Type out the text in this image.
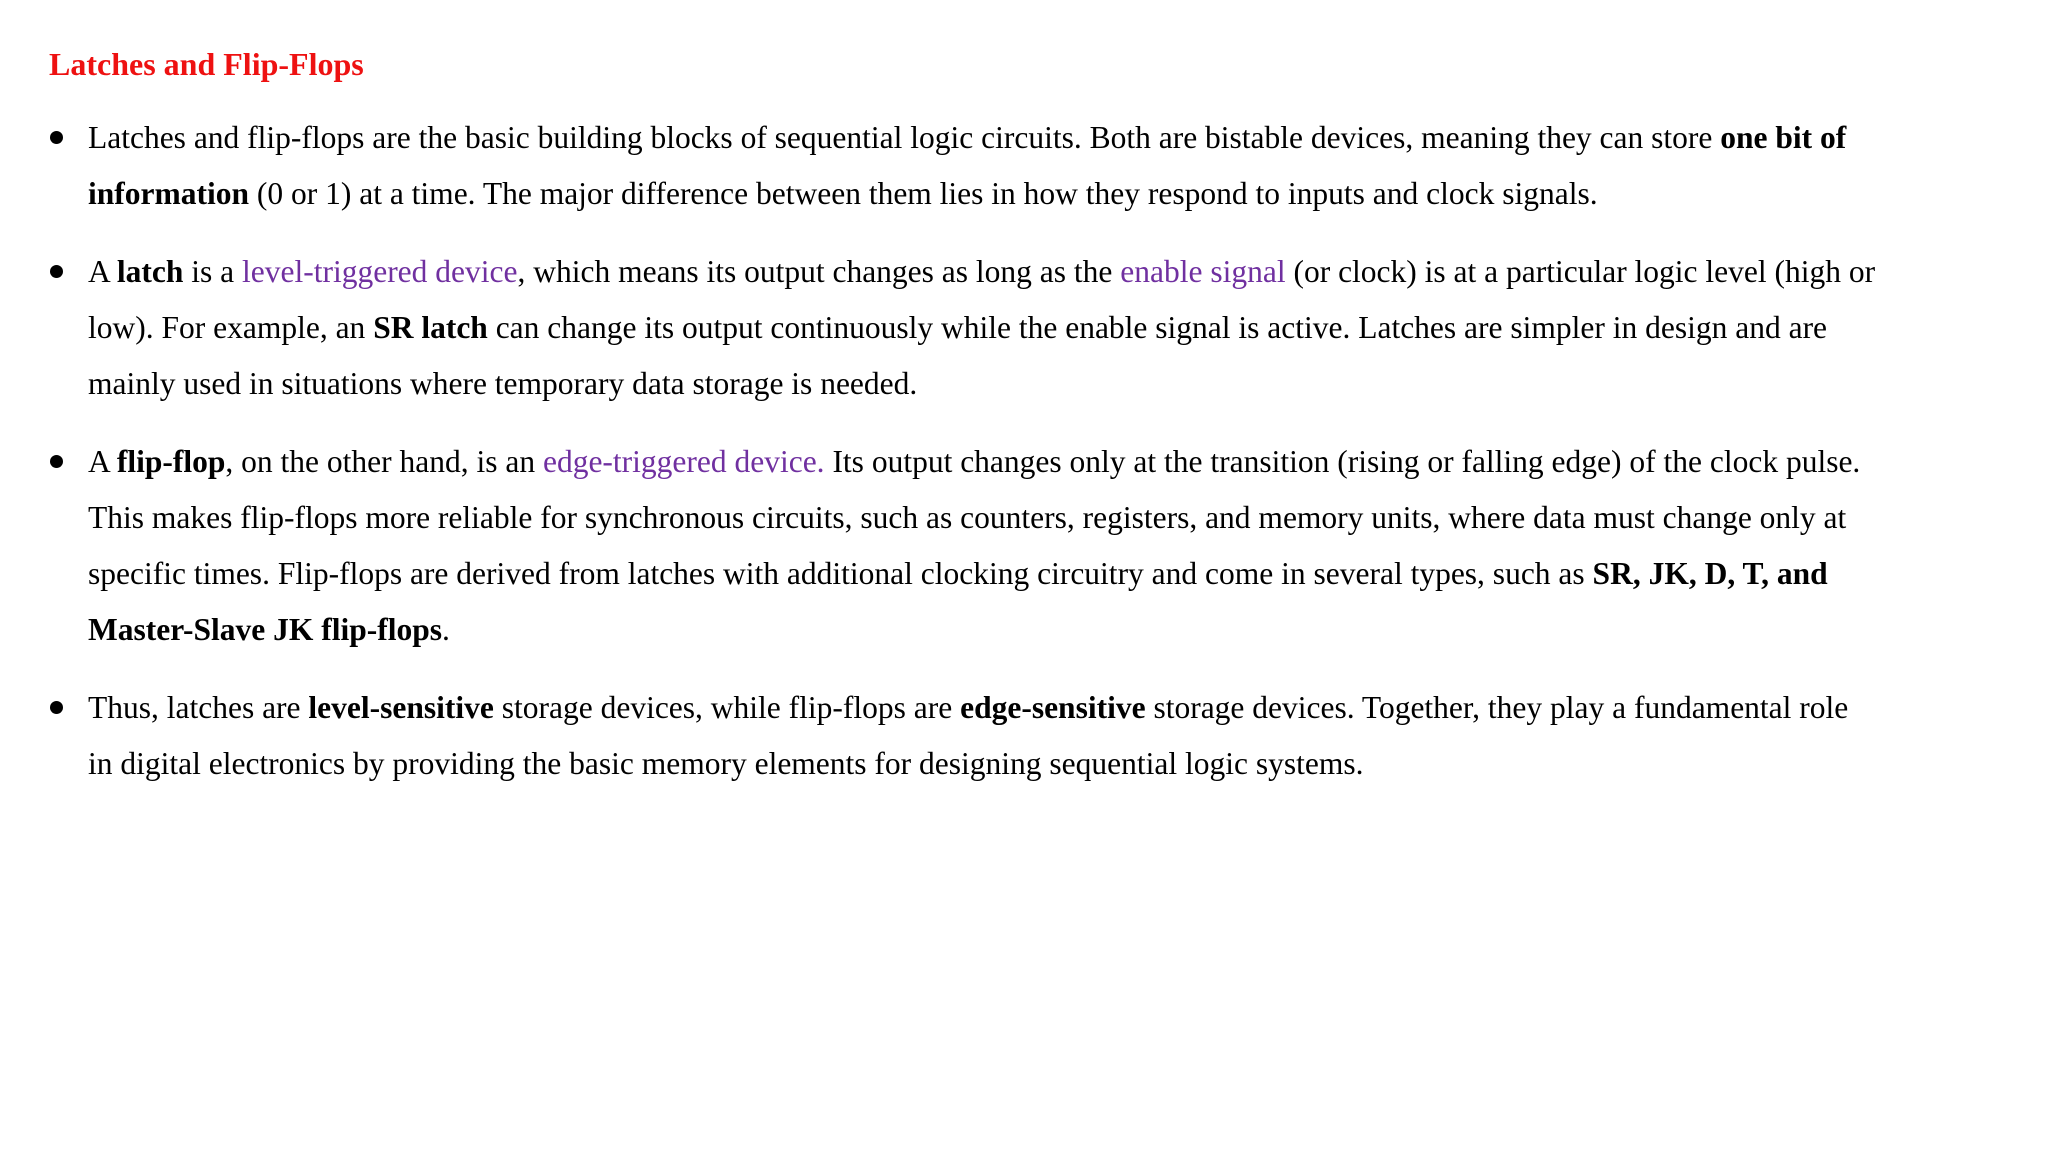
Latches and Flip-Flops
Latches and flip-flops are the basic building blocks of sequential logic circuits. Both are bistable devices, meaning they can store one bit of
information (0 or 1) at a time. The major difference between them lies in how they respond to inputs and clock signals.
A latch is a level-triggered device, which means its output changes as long as the enable signal (or clock) is at a particular logic level (high or
low). For example, an SR latch can change its output continuously while the enable signal is active. Latches are simpler in design and are
mainly used in situations where temporary data storage is needed.
A flip-flop, on the other hand, is an edge-triggered device. Its output changes only at the transition (rising or falling edge) of the clock pulse.
This makes flip-flops more reliable for synchronous circuits, such as counters, registers, and memory units, where data must change only at
specific times. Flip-flops are derived from latches with additional clocking circuitry and come in several types, such as SR, JK, D, T, and
Master-Slave JK flip-flops.
Thus, latches are level-sensitive storage devices, while flip-flops are edge-sensitive storage devices. Together, they play a fundamental role
in digital electronics by providing the basic memory elements for designing sequential logic systems.
